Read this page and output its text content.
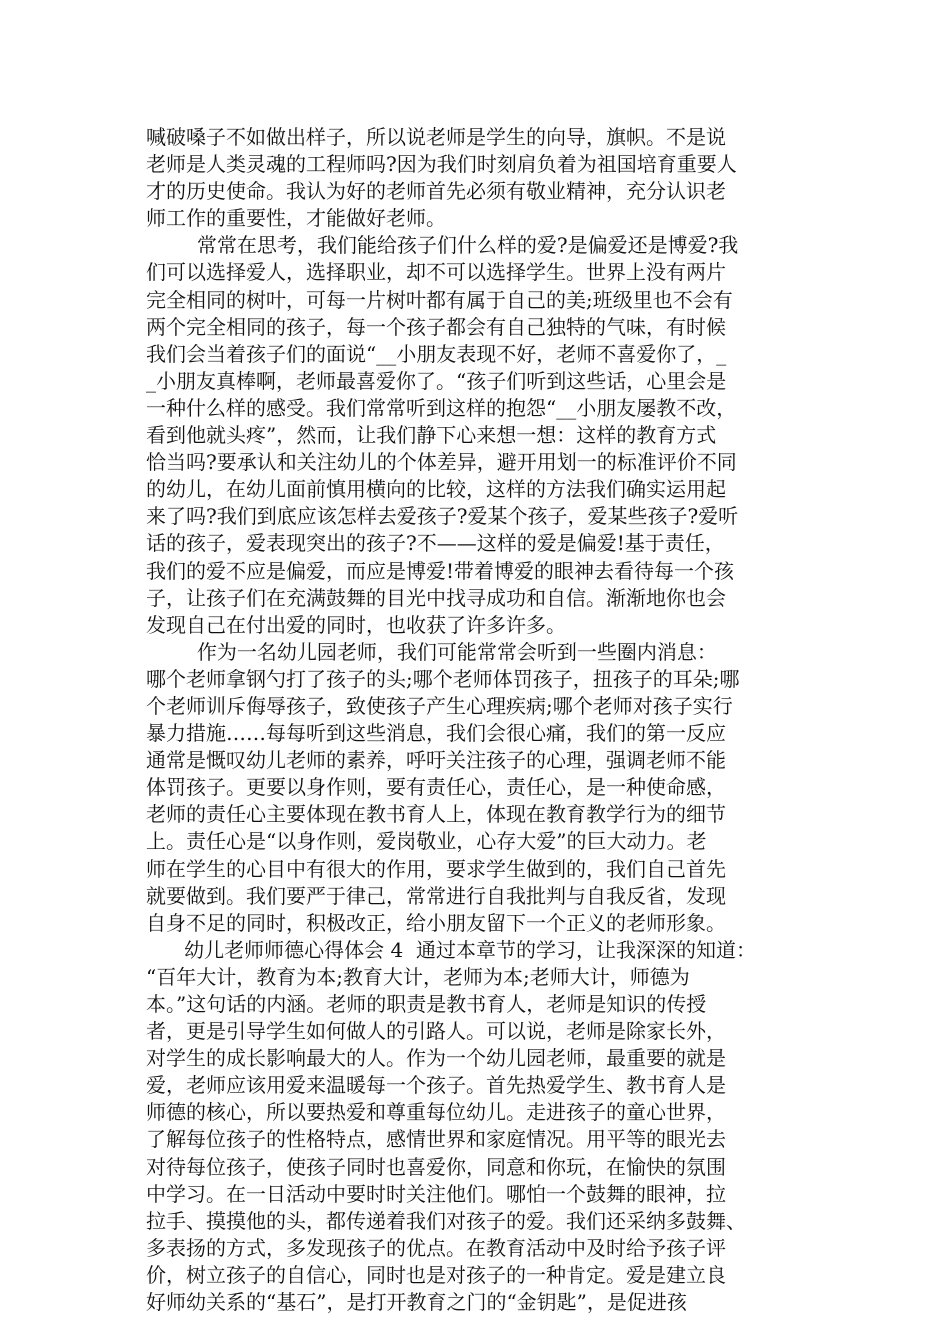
喊破嗓子不如做出样子，所以说老师是学生的向导，旗帜。不是说
老师是人类灵魂的工程师吗?因为我们时刻肩负着为祖国培育重要人
才的历史使命。我认为好的老师首先必须有敬业精神，充分认识老
师工作的重要性，才能做好老师。
常常在思考，我们能给孩子们什么样的爱?是偏爱还是博爱?我
们可以选择爱人，选择职业，却不可以选择学生。世界上没有两片
完全相同的树叶，可每一片树叶都有属于自己的美;班级里也不会有
两个完全相同的孩子，每一个孩子都会有自己独特的气味，有时候
我们会当着孩子们的面说“__小朋友表现不好，老师不喜爱你了，_
_小朋友真棒啊，老师最喜爱你了。“孩子们听到这些话，心里会是
一种什么样的感受。我们常常听到这样的抱怨“__小朋友屡教不改，
看到他就头疼”，然而，让我们静下心来想一想：这样的教育方式
恰当吗?要承认和关注幼儿的个体差异，避开用划一的标准评价不同
的幼儿，在幼儿面前慎用横向的比较，这样的方法我们确实运用起
来了吗?我们到底应该怎样去爱孩子?爱某个孩子，爱某些孩子?爱听
话的孩子，爱表现突出的孩子?不——这样的爱是偏爱!基于责任，
我们的爱不应是偏爱，而应是博爱!带着博爱的眼神去看待每一个孩
子，让孩子们在充满鼓舞的目光中找寻成功和自信。渐渐地你也会
发现自己在付出爱的同时，也收获了许多许多。
作为一名幼儿园老师，我们可能常常会听到一些圈内消息：
哪个老师拿钢勺打了孩子的头;哪个老师体罚孩子，扭孩子的耳朵;哪
个老师训斥侮辱孩子，致使孩子产生心理疾病;哪个老师对孩子实行
暴力措施……每每听到这些消息，我们会很心痛，我们的第一反应
通常是慨叹幼儿老师的素养，呼吁关注孩子的心理，强调老师不能
体罚孩子。更要以身作则，要有责任心，责任心，是一种使命感，
老师的责任心主要体现在教书育人上，体现在教育教学行为的细节
上。责任心是“以身作则，爱岗敬业，心存大爱”的巨大动力。老
师在学生的心目中有很大的作用，要求学生做到的，我们自己首先
就要做到。我们要严于律己，常常进行自我批判与自我反省，发现
自身不足的同时，积极改正，给小朋友留下一个正义的老师形象。
幼儿老师师德心得体会 4  通过本章节的学习，让我深深的知道：
“百年大计，教育为本;教育大计，老师为本;老师大计，师德为
本。”这句话的内涵。老师的职责是教书育人，老师是知识的传授
者，更是引导学生如何做人的引路人。可以说，老师是除家长外，
对学生的成长影响最大的人。作为一个幼儿园老师，最重要的就是
爱，老师应该用爱来温暖每一个孩子。首先热爱学生、教书育人是
师德的核心，所以要热爱和尊重每位幼儿。走进孩子的童心世界，
了解每位孩子的性格特点，感情世界和家庭情况。用平等的眼光去
对待每位孩子，使孩子同时也喜爱你，同意和你玩，在愉快的氛围
中学习。在一日活动中要时时关注他们。哪怕一个鼓舞的眼神，拉
拉手、摸摸他的头，都传递着我们对孩子的爱。我们还采纳多鼓舞、
多表扬的方式，多发现孩子的优点。在教育活动中及时给予孩子评
价，树立孩子的自信心，同时也是对孩子的一种肯定。爱是建立良
好师幼关系的“基石”，是打开教育之门的“金钥匙”，是促进孩
